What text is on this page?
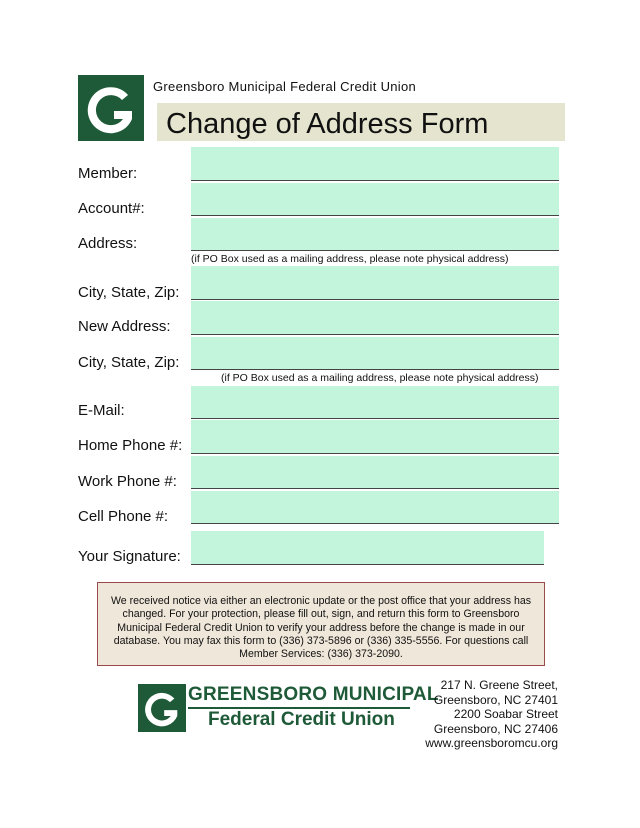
Greensboro Municipal Federal Credit Union
Change of Address Form
Member:
Account#:
Address:
(if PO Box used as a mailing address, please note physical address)
City, State, Zip:
New Address:
City, State, Zip:
(if PO Box used as a mailing address, please note physical address)
E-Mail:
Home Phone #:
Work Phone #:
Cell Phone #:
Your Signature:
We received notice via either an electronic update or the post office that your address has changed. For your protection, please fill out, sign, and return this form to Greensboro Municipal Federal Credit Union to verify your address before the change is made in our database. You may fax this form to (336) 373-5896 or (336) 335-5556. For questions call Member Services: (336) 373-2090.
GREENSBORO MUNICIPAL
Federal Credit Union
217 N. Greene Street,
Greensboro, NC 27401
2200 Soabar Street
Greensboro, NC 27406
www.greensboromcu.org
